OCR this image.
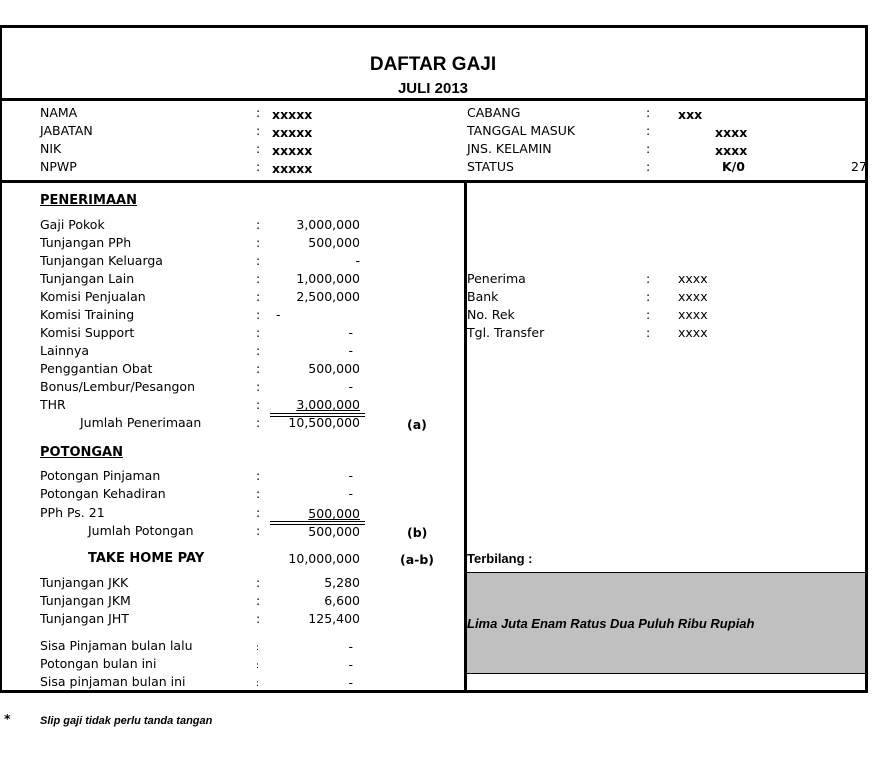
DAFTAR GAJI
JULI 2013
NAMA	: xxxxx
JABATAN	: xxxxx
NIK	: xxxxx
NPWP	: xxxxx
CABANG	: xxx
TANGGAL MASUK	:	xxxx
JNS. KELAMIN	:	xxxx
STATUS	:	K/0	27
PENERIMAAN
Gaji Pokok	:	3,000,000
Tunjangan PPh	:	500,000
Tunjangan Keluarga	:	-
Tunjangan Lain	:	1,000,000
Komisi Penjualan	:	2,500,000
Komisi Training	: -
Komisi Support	:	-
Lainnya	:	-
Penggantian Obat	:	500,000
Bonus/Lembur/Pesangon	:	-
THR	:	3,000,000
Jumlah Penerimaan	:	10,500,000	(a)
POTONGAN
Potongan Pinjaman	:	-
Potongan Kehadiran	:	-
PPh Ps. 21	:	500,000
Jumlah Potongan	:	500,000	(b)
TAKE HOME PAY	10,000,000	(a-b)
Tunjangan JKK	:	5,280
Tunjangan JKM	:	6,600
Tunjangan JHT	:	125,400
Sisa Pinjaman bulan lalu	:	-
Potongan bulan ini	:	-
Sisa pinjaman bulan ini	:	-
Penerima	: xxxx
Bank	: xxxx
No. Rek	: xxxx
Tgl. Transfer	: xxxx
Terbilang :
Lima Juta Enam Ratus Dua Puluh Ribu Rupiah
*	Slip gaji tidak perlu tanda tangan
